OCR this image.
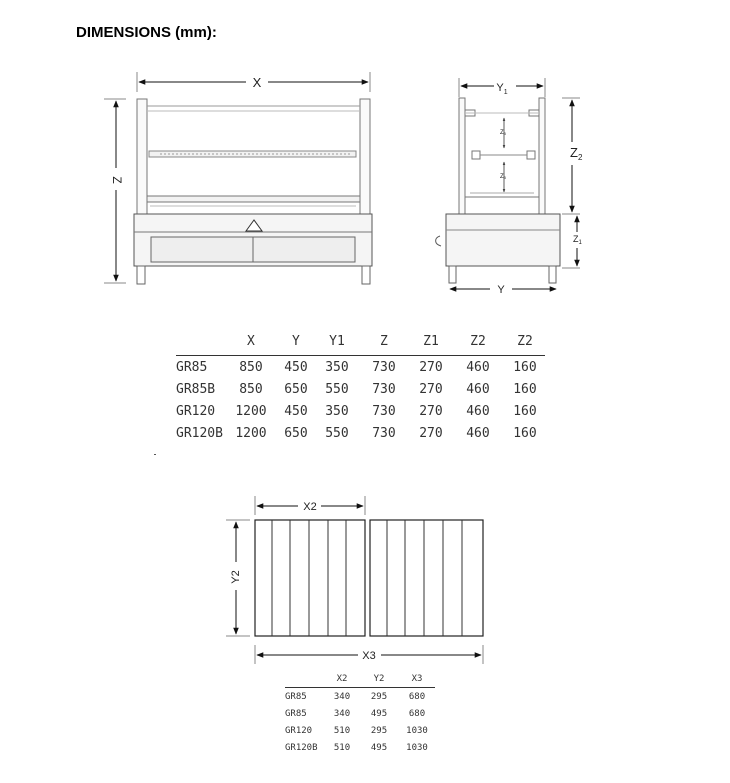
DIMENSIONS (mm):
X
Z
$Y_1$
$Z_2$
$Z_1$
Y
Z3
Z3
X2
Y2
X3
	X	Y	Y1	Z	Z1	Z2	Z2
GR85	850	450	350	730	270	460	160
GR85B	850	650	550	730	270	460	160
GR120	1200	450	350	730	270	460	160
GR120B	1200	650	550	730	270	460	160
	X2	Y2	X3
GR85	340	295	680
GR85	340	495	680
GR120	510	295	1030
GR120B	510	495	1030
